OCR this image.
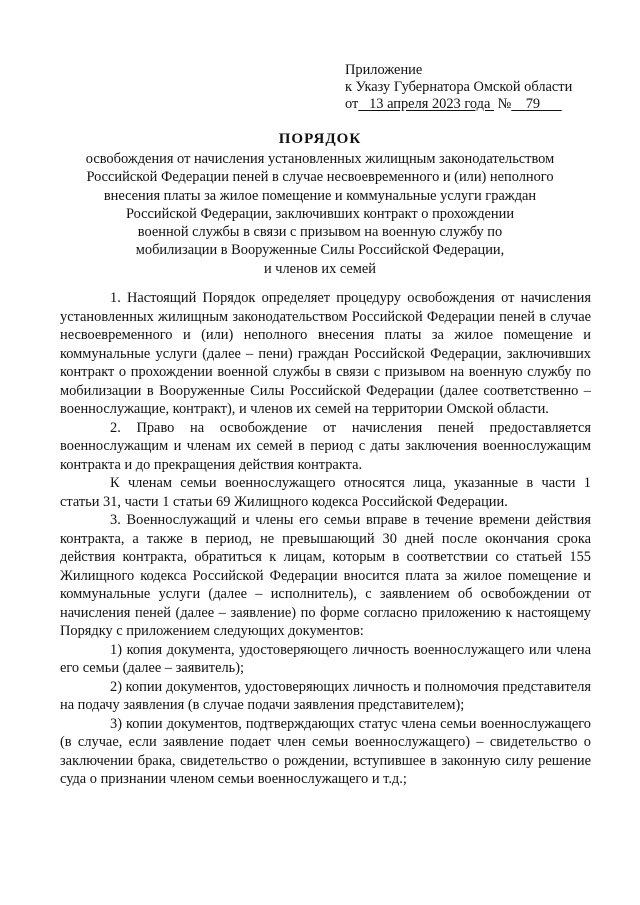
Приложение
к Указу Губернатора Омской области
от 13 апреля 2023 года № 79
ПОРЯДОК
освобождения от начисления установленных жилищным законодательством
Российской Федерации пеней в случае несвоевременного и (или) неполного
внесения платы за жилое помещение и коммунальные услуги граждан
Российской Федерации, заключивших контракт о прохождении
военной службы в связи с призывом на военную службу по
мобилизации в Вооруженные Силы Российской Федерации,
и членов их семей

1. Настоящий Порядок определяет процедуру освобождения от начисления установленных жилищным законодательством Российской Федерации пеней в случае несвоевременного и (или) неполного внесения платы за жилое помещение и коммунальные услуги (далее – пени) граждан Российской Федерации, заключивших контракт о прохождении военной службы в связи с призывом на военную службу по мобилизации в Вооруженные Силы Российской Федерации (далее соответственно – военнослужащие, контракт), и членов их семей на территории Омской области.

2. Право на освобождение от начисления пеней предоставляется военнослужащим и членам их семей в период с даты заключения военнослужащим контракта и до прекращения действия контракта.

К членам семьи военнослужащего относятся лица, указанные в части 1 статьи 31, части 1 статьи 69 Жилищного кодекса Российской Федерации.

3. Военнослужащий и члены его семьи вправе в течение времени действия контракта, а также в период, не превышающий 30 дней после окончания срока действия контракта, обратиться к лицам, которым в соответствии со статьей 155 Жилищного кодекса Российской Федерации вносится плата за жилое помещение и коммунальные услуги (далее – исполнитель), с заявлением об освобождении от начисления пеней (далее – заявление) по форме согласно приложению к настоящему Порядку с приложением следующих документов:

1) копия документа, удостоверяющего личность военнослужащего или члена его семьи (далее – заявитель);

2) копии документов, удостоверяющих личность и полномочия представителя на подачу заявления (в случае подачи заявления представителем);

3) копии документов, подтверждающих статус члена семьи военнослужащего (в случае, если заявление подает член семьи военнослужащего) – свидетельство о заключении брака, свидетельство о рождении, вступившее в законную силу решение суда о признании членом семьи военнослужащего и т.д.;
